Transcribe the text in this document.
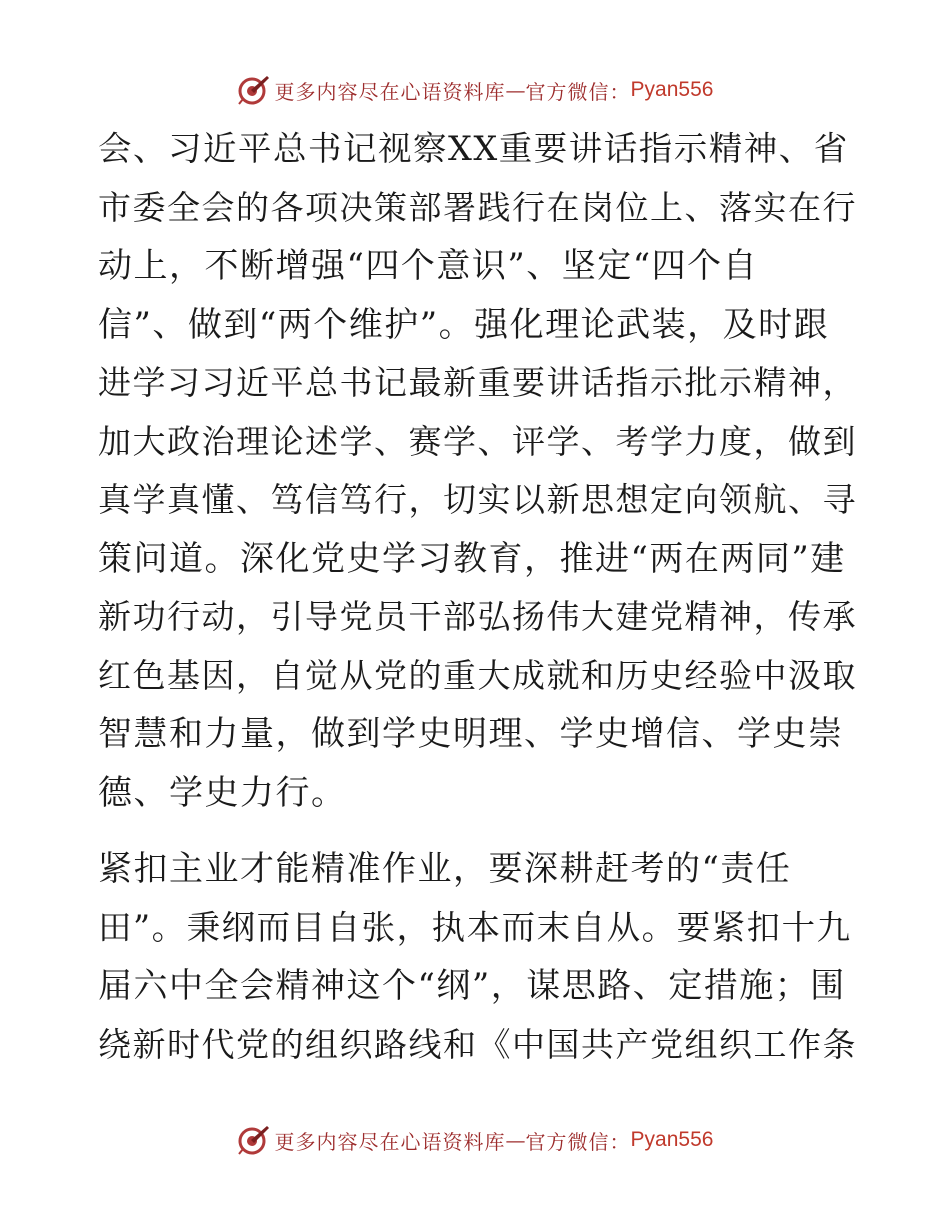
更多内容尽在心语资料库 — 官方微信： Pyan556
会、习近平总书记视察XX重要讲话指示精神、省
市委全会的各项决策部署践行在岗位上、落实在行
动上，不断增强“四个意识”、坚定“四个自
信”、做到“两个维护”。强化理论武装，及时跟
进学习习近平总书记最新重要讲话指示批示精神，
加大政治理论述学、赛学、评学、考学力度，做到
真学真懂、笃信笃行，切实以新思想定向领航、寻
策问道。深化党史学习教育，推进“两在两同”建
新功行动，引导党员干部弘扬伟大建党精神，传承
红色基因，自觉从党的重大成就和历史经验中汲取
智慧和力量，做到学史明理、学史增信、学史崇
德、学史力行。
紧扣主业才能精准作业，要深耕赶考的“责任
田”。秉纲而目自张，执本而末自从。要紧扣十九
届六中全会精神这个“纲”，谋思路、定措施；围
绕新时代党的组织路线和《中国共产党组织工作条
更多内容尽在心语资料库 — 官方微信： Pyan556
